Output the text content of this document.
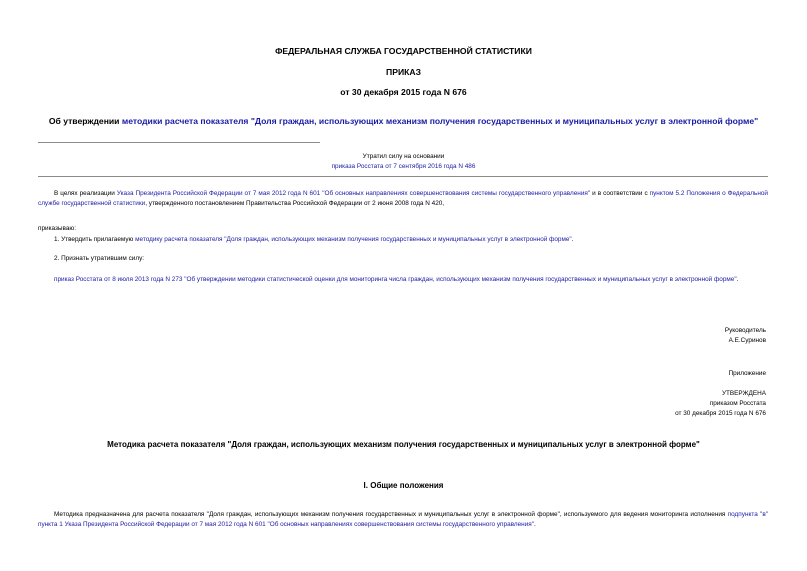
ФЕДЕРАЛЬНАЯ СЛУЖБА ГОСУДАРСТВЕННОЙ СТАТИСТИКИ
ПРИКАЗ
от 30 декабря 2015 года N 676
Об утверждении методики расчета показателя "Доля граждан, использующих механизм получения государственных и муниципальных услуг в электронной форме"
Утратил силу на основании
приказа Росстата от 7 сентября 2016 года N 486
В целях реализации Указа Президента Российской Федерации от 7 мая 2012 года N 601 "Об основных направлениях совершенствования системы государственного управления" и в соответствии с пунктом 5.2 Положения о Федеральной службе государственной статистики, утвержденного постановлением Правительства Российской Федерации от 2 июня 2008 года N 420,
приказываю:
1. Утвердить прилагаемую методику расчета показателя "Доля граждан, использующих механизм получения государственных и муниципальных услуг в электронной форме".
2. Признать утратившим силу:
приказ Росстата от 8 июля 2013 года N 273 "Об утверждении методики статистической оценки для мониторинга числа граждан, использующих механизм получения государственных и муниципальных услуг в электронной форме".
Руководитель
А.Е.Суринов
Приложение
УТВЕРЖДЕНА
приказом Росстата
от 30 декабря 2015 года N 676
Методика расчета показателя "Доля граждан, использующих механизм получения государственных и муниципальных услуг в электронной форме"
I. Общие положения
Методика предназначена для расчета показателя "Доля граждан, использующих механизм получения государственных и муниципальных услуг в электронной форме", используемого для ведения мониторинга исполнения подпункта "в" пункта 1 Указа Президента Российской Федерации от 7 мая 2012 года N 601 "Об основных направлениях совершенствования системы государственного управления".
